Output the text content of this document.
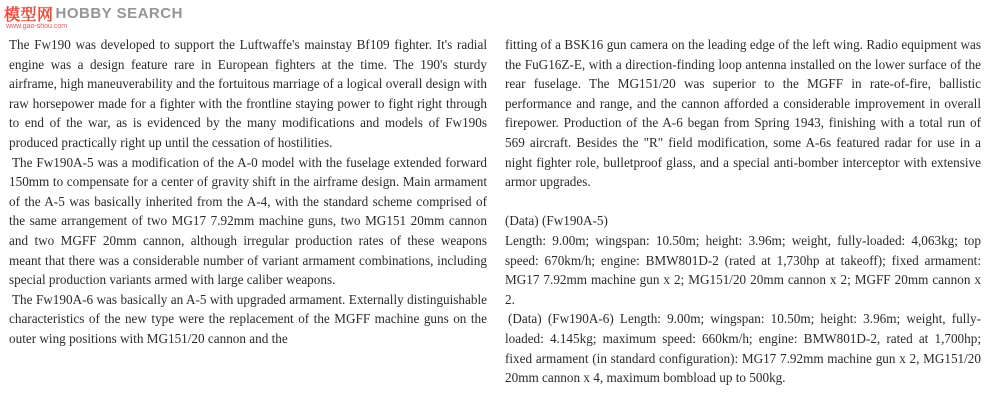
模型网 HOBBY SEARCH
www.gao-shou.com

The Fw190 was developed to support the Luftwaffe's mainstay Bf109 fighter. It's radial engine was a design feature rare in European fighters at the time. The 190's sturdy airframe, high maneuverability and the fortuitous marriage of a logical overall design with raw horsepower made for a fighter with the frontline staying power to fight right through to end of the war, as is evidenced by the many modifications and models of Fw190s produced practically right up until the cessation of hostilities.

The Fw190A-5 was a modification of the A-0 model with the fuselage extended forward 150mm to compensate for a center of gravity shift in the airframe design. Main armament of the A-5 was basically inherited from the A-4, with the standard scheme comprised of the same arrangement of two MG17 7.92mm machine guns, two MG151 20mm cannon and two MGFF 20mm cannon, although irregular production rates of these weapons meant that there was a considerable number of variant armament combinations, including special production variants armed with large caliber weapons.

The Fw190A-6 was basically an A-5 with upgraded armament. Externally distinguishable characteristics of the new type were the replacement of the MGFF machine guns on the outer wing positions with MG151/20 cannon and the

fitting of a BSK16 gun camera on the leading edge of the left wing. Radio equipment was the FuG16Z-E, with a direction-finding loop antenna installed on the lower surface of the rear fuselage. The MG151/20 was superior to the MGFF in rate-of-fire, ballistic performance and range, and the cannon afforded a considerable improvement in overall firepower. Production of the A-6 began from Spring 1943, finishing with a total run of 569 aircraft. Besides the "R" field modification, some A-6s featured radar for use in a night fighter role, bulletproof glass, and a special anti-bomber interceptor with extensive armor upgrades.

(Data) (Fw190A-5)

Length: 9.00m; wingspan: 10.50m; height: 3.96m; weight, fully-loaded: 4,063kg; top speed: 670km/h; engine: BMW801D-2 (rated at 1,730hp at takeoff); fixed armament: MG17 7.92mm machine gun x 2; MG151/20 20mm cannon x 2; MGFF 20mm cannon x 2.

(Data) (Fw190A-6) Length: 9.00m; wingspan: 10.50m; height: 3.96m; weight, fully-loaded: 4.145kg; maximum speed: 660km/h; engine: BMW801D-2, rated at 1,700hp; fixed armament (in standard configuration): MG17 7.92mm machine gun x 2, MG151/20 20mm cannon x 4, maximum bombload up to 500kg.
